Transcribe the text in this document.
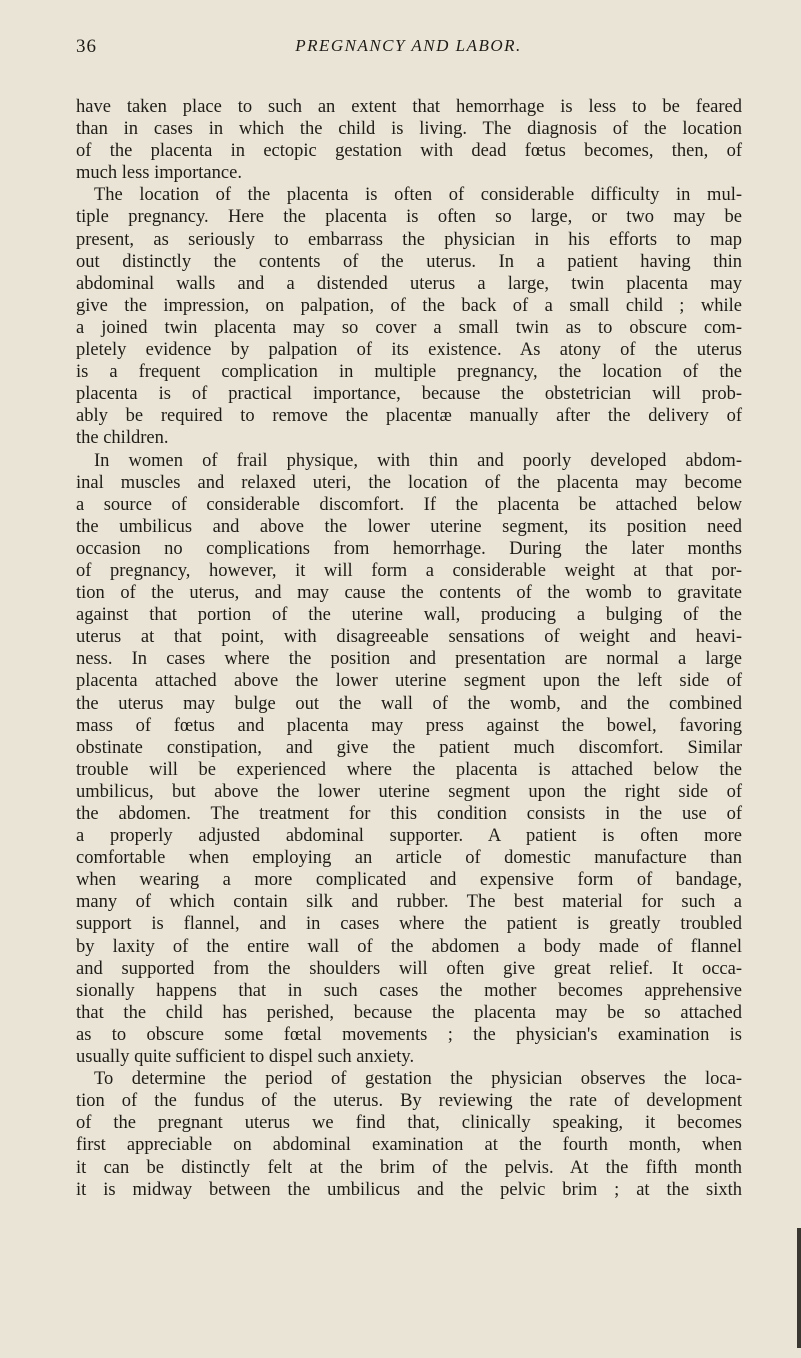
36	PREGNANCY AND LABOR.
have taken place to such an extent that hemorrhage is less to be feared
than in cases in which the child is living. The diagnosis of the location
of the placenta in ectopic gestation with dead fœtus becomes, then, of
much less importance.
The location of the placenta is often of considerable difficulty in mul-
tiple pregnancy. Here the placenta is often so large, or two may be
present, as seriously to embarrass the physician in his efforts to map
out distinctly the contents of the uterus. In a patient having thin
abdominal walls and a distended uterus a large, twin placenta may
give the impression, on palpation, of the back of a small child ; while
a joined twin placenta may so cover a small twin as to obscure com-
pletely evidence by palpation of its existence. As atony of the uterus
is a frequent complication in multiple pregnancy, the location of the
placenta is of practical importance, because the obstetrician will prob-
ably be required to remove the placentæ manually after the delivery of
the children.
In women of frail physique, with thin and poorly developed abdom-
inal muscles and relaxed uteri, the location of the placenta may become
a source of considerable discomfort. If the placenta be attached below
the umbilicus and above the lower uterine segment, its position need
occasion no complications from hemorrhage. During the later months
of pregnancy, however, it will form a considerable weight at that por-
tion of the uterus, and may cause the contents of the womb to gravitate
against that portion of the uterine wall, producing a bulging of the
uterus at that point, with disagreeable sensations of weight and heavi-
ness. In cases where the position and presentation are normal a large
placenta attached above the lower uterine segment upon the left side of
the uterus may bulge out the wall of the womb, and the combined
mass of fœtus and placenta may press against the bowel, favoring
obstinate constipation, and give the patient much discomfort. Similar
trouble will be experienced where the placenta is attached below the
umbilicus, but above the lower uterine segment upon the right side of
the abdomen. The treatment for this condition consists in the use of
a properly adjusted abdominal supporter. A patient is often more
comfortable when employing an article of domestic manufacture than
when wearing a more complicated and expensive form of bandage,
many of which contain silk and rubber. The best material for such a
support is flannel, and in cases where the patient is greatly troubled
by laxity of the entire wall of the abdomen a body made of flannel
and supported from the shoulders will often give great relief. It occa-
sionally happens that in such cases the mother becomes apprehensive
that the child has perished, because the placenta may be so attached
as to obscure some fœtal movements ; the physician's examination is
usually quite sufficient to dispel such anxiety.
To determine the period of gestation the physician observes the loca-
tion of the fundus of the uterus. By reviewing the rate of development
of the pregnant uterus we find that, clinically speaking, it becomes
first appreciable on abdominal examination at the fourth month, when
it can be distinctly felt at the brim of the pelvis. At the fifth month
it is midway between the umbilicus and the pelvic brim ; at the sixth
